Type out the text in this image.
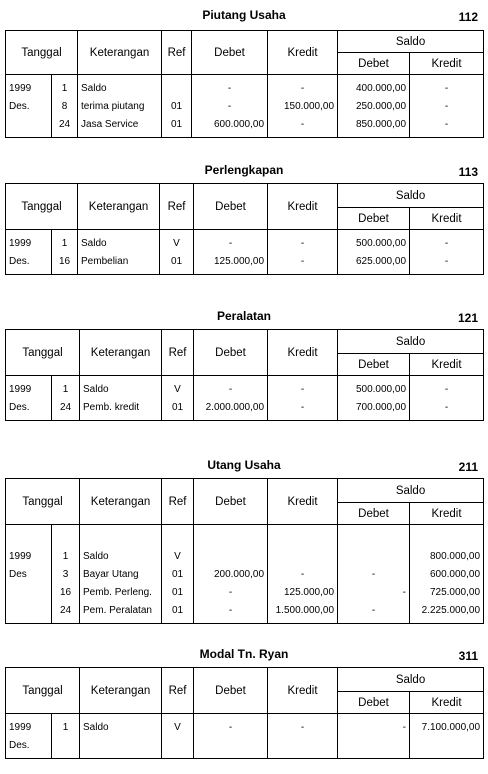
Piutang Usaha	112
Tanggal		Keterangan	Ref	Debet	Kredit	Saldo	
						Debet	Kredit
1999	1	Saldo		-	-	400.000,00	-
Des.	8	terima piutang	01	-	150.000,00	250.000,00	-
	24	Jasa Service	01	600.000,00	-	850.000,00	-
Perlengkapan	113
Tanggal		Keterangan	Ref	Debet	Kredit	Saldo	
						Debet	Kredit
1999	1	Saldo	V	-	-	500.000,00	-
Des.	16	Pembelian	01	125.000,00	-	625.000,00	-
Peralatan	121
Tanggal		Keterangan	Ref	Debet	Kredit	Saldo	
						Debet	Kredit
1999	1	Saldo	V	-	-	500.000,00	-
Des.	24	Pemb. kredit	01	2.000.000,00	-	700.000,00	-
Utang Usaha	211
Tanggal		Keterangan	Ref	Debet	Kredit	Saldo	
						Debet	Kredit

1999	1	Saldo	V				800.000,00
Des	3	Bayar Utang	01	200.000,00	-	-	600.000,00
	16	Pemb. Perleng.	01	-	125.000,00	-	725.000,00
	24	Pem. Peralatan	01	-	1.500.000,00	-	2.225.000,00
Modal Tn. Ryan	311
Tanggal		Keterangan	Ref	Debet	Kredit	Saldo	
						Debet	Kredit
1999	1	Saldo	V	-	-	-	7.100.000,00
Des.							
